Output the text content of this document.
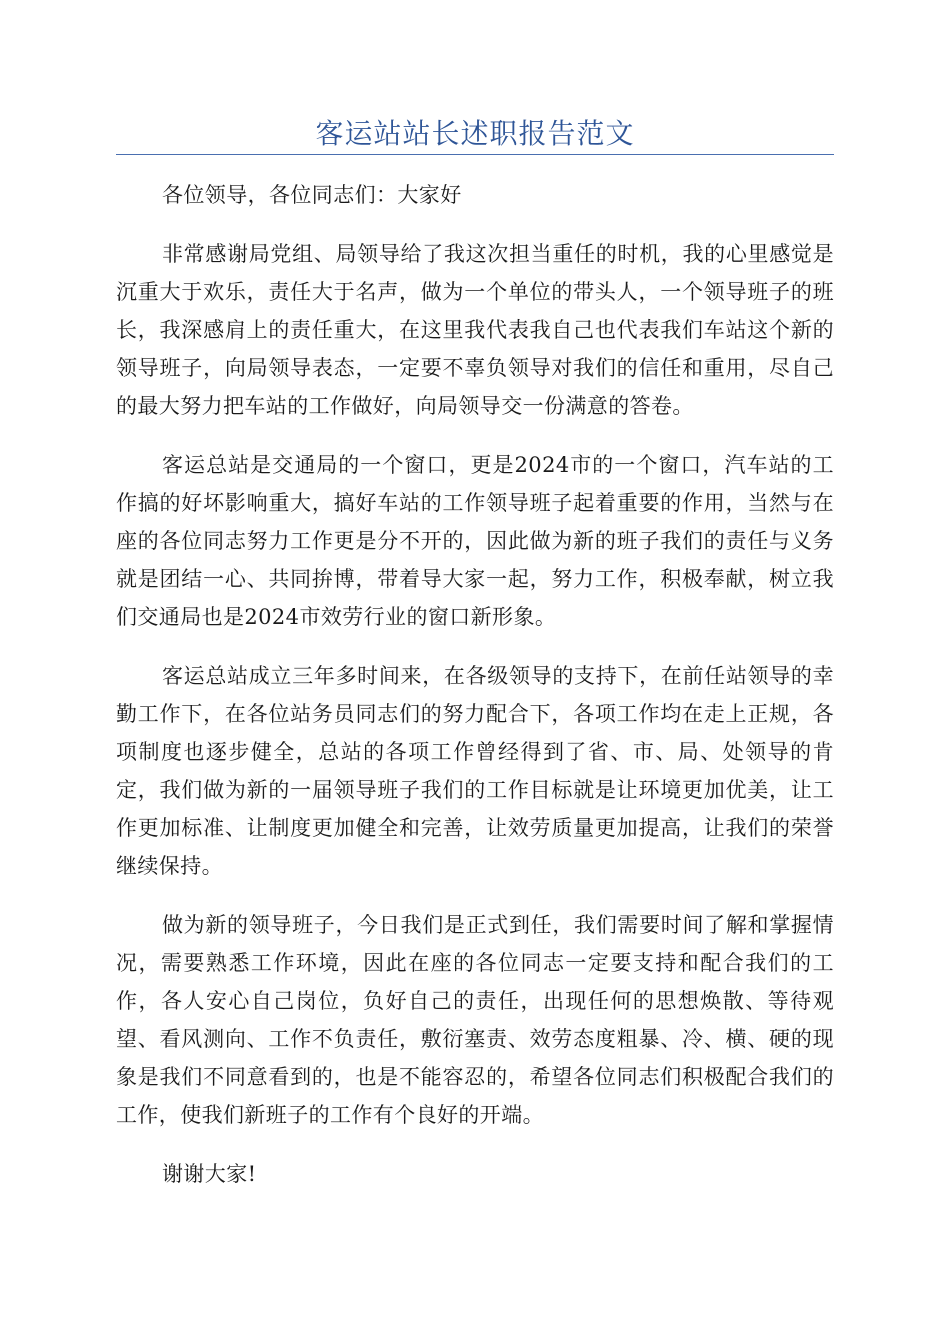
客运站站长述职报告范文

各位领导，各位同志们：大家好

非常感谢局党组、局领导给了我这次担当重任的时机，我的心里感觉是沉重大于欢乐，责任大于名声，做为一个单位的带头人，一个领导班子的班长，我深感肩上的责任重大，在这里我代表我自己也代表我们车站这个新的领导班子，向局领导表态，一定要不辜负领导对我们的信任和重用，尽自己的最大努力把车站的工作做好，向局领导交一份满意的答卷。

客运总站是交通局的一个窗口，更是2024市的一个窗口，汽车站的工作搞的好坏影响重大，搞好车站的工作领导班子起着重要的作用，当然与在座的各位同志努力工作更是分不开的，因此做为新的班子我们的责任与义务就是团结一心、共同拚博，带着导大家一起，努力工作，积极奉献，树立我们交通局也是2024市效劳行业的窗口新形象。

客运总站成立三年多时间来，在各级领导的支持下，在前任站领导的幸勤工作下，在各位站务员同志们的努力配合下，各项工作均在走上正规，各项制度也逐步健全，总站的各项工作曾经得到了省、市、局、处领导的肯定，我们做为新的一届领导班子我们的工作目标就是让环境更加优美，让工作更加标准、让制度更加健全和完善，让效劳质量更加提高，让我们的荣誉继续保持。

做为新的领导班子，今日我们是正式到任，我们需要时间了解和掌握情况，需要熟悉工作环境，因此在座的各位同志一定要支持和配合我们的工作，各人安心自己岗位，负好自己的责任，出现任何的思想焕散、等待观望、看风测向、工作不负责任，敷衍塞责、效劳态度粗暴、冷、横、硬的现象是我们不同意看到的，也是不能容忍的，希望各位同志们积极配合我们的工作，使我们新班子的工作有个良好的开端。

谢谢大家!
